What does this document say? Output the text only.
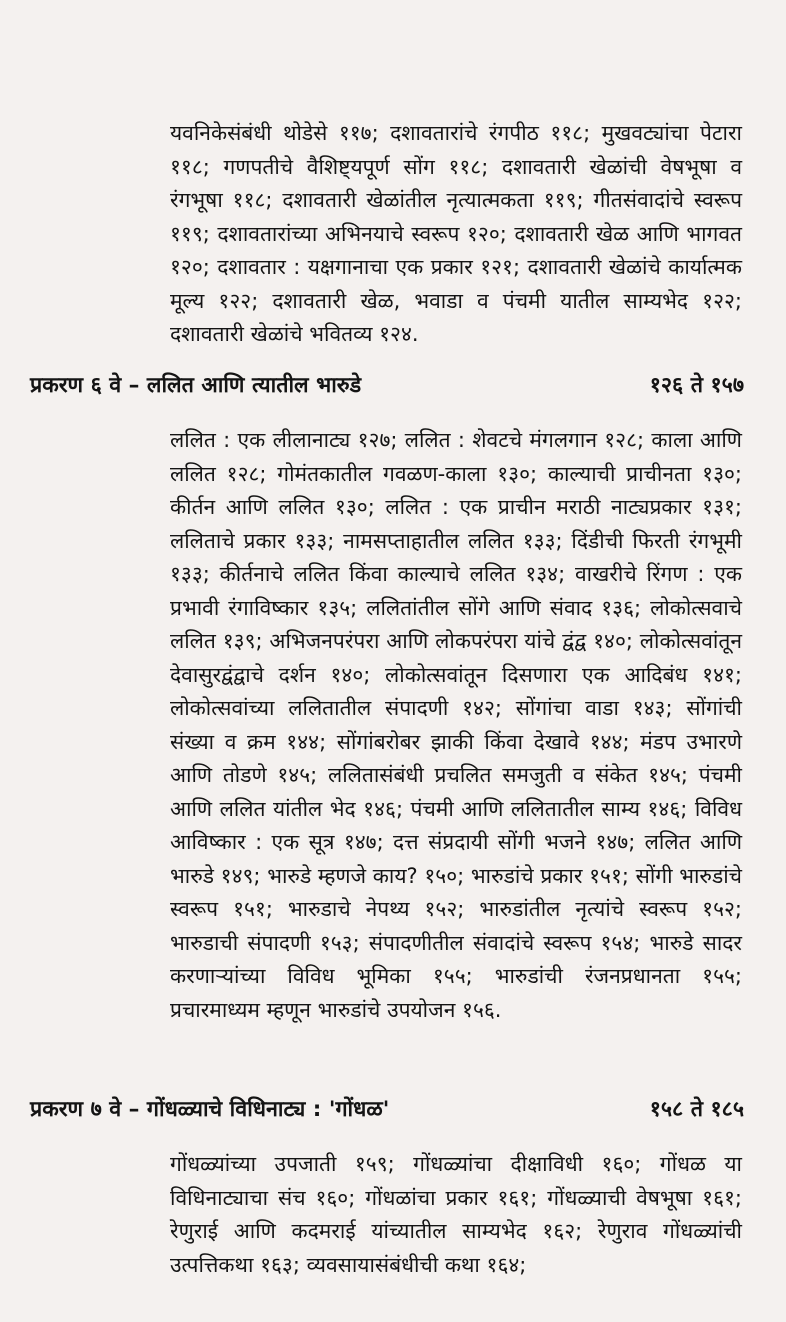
यवनिकेसंबंधी थोडेसे ११७; दशावतारांचे रंगपीठ ११८; मुखवट्यांचा पेटारा ११८; गणपतीचे वैशिष्ट्यपूर्ण सोंग ११८; दशावतारी खेळांची वेषभूषा व रंगभूषा ११८; दशावतारी खेळांतील नृत्यात्मकता ११९; गीतसंवादांचे स्वरूप ११९; दशावतारांच्या अभिनयाचे स्वरूप १२०; दशावतारी खेळ आणि भागवत १२०; दशावतार : यक्षगानाचा एक प्रकार १२१; दशावतारी खेळांचे कार्यात्मक मूल्य १२२; दशावतारी खेळ, भवाडा व पंचमी यातील साम्यभेद १२२; दशावतारी खेळांचे भवितव्य १२४.

प्रकरण ६ वे – ललित आणि त्यातील भारुडे	१२६ ते १५७

ललित : एक लीलानाट्य १२७; ललित : शेवटचे मंगलगान १२८; काला आणि ललित १२८; गोमंतकातील गवळण-काला १३०; काल्याची प्राचीनता १३०; कीर्तन आणि ललित १३०; ललित : एक प्राचीन मराठी नाट्यप्रकार १३१; ललिताचे प्रकार १३३; नामसप्ताहातील ललित १३३; दिंडीची फिरती रंगभूमी १३३; कीर्तनाचे ललित किंवा काल्याचे ललित १३४; वाखरीचे रिंगण : एक प्रभावी रंगाविष्कार १३५; ललितांतील सोंगे आणि संवाद १३६; लोकोत्सवाचे ललित १३९; अभिजनपरंपरा आणि लोकपरंपरा यांचे द्वंद्व १४०; लोकोत्सवांतून देवासुरद्वंद्वाचे दर्शन १४०; लोकोत्सवांतून दिसणारा एक आदिबंध १४१; लोकोत्सवांच्या ललितातील संपादणी १४२; सोंगांचा वाडा १४३; सोंगांची संख्या व क्रम १४४; सोंगांबरोबर झाकी किंवा देखावे १४४; मंडप उभारणे आणि तोडणे १४५; ललितासंबंधी प्रचलित समजुती व संकेत १४५; पंचमी आणि ललित यांतील भेद १४६; पंचमी आणि ललितातील साम्य १४६; विविध आविष्कार : एक सूत्र १४७; दत्त संप्रदायी सोंगी भजने १४७; ललित आणि भारुडे १४९; भारुडे म्हणजे काय? १५०; भारुडांचे प्रकार १५१; सोंगी भारुडांचे स्वरूप १५१; भारुडाचे नेपथ्य १५२; भारुडांतील नृत्यांचे स्वरूप १५२; भारुडाची संपादणी १५३; संपादणीतील संवादांचे स्वरूप १५४; भारुडे सादर करणाऱ्यांच्या विविध भूमिका १५५; भारुडांची रंजनप्रधानता १५५; प्रचारमाध्यम म्हणून भारुडांचे उपयोजन १५६.

प्रकरण ७ वे – गोंधळ्याचे विधिनाट्य : 'गोंधळ'	१५८ ते १८५

गोंधळ्यांच्या उपजाती १५९; गोंधळ्यांचा दीक्षाविधी १६०; गोंधळ या विधिनाट्याचा संच १६०; गोंधळांचा प्रकार १६१; गोंधळ्याची वेषभूषा १६१; रेणुराई आणि कदमराई यांच्यातील साम्यभेद १६२; रेणुराव गोंधळ्यांची उत्पत्तिकथा १६३; व्यवसायासंबंधीची कथा १६४;
